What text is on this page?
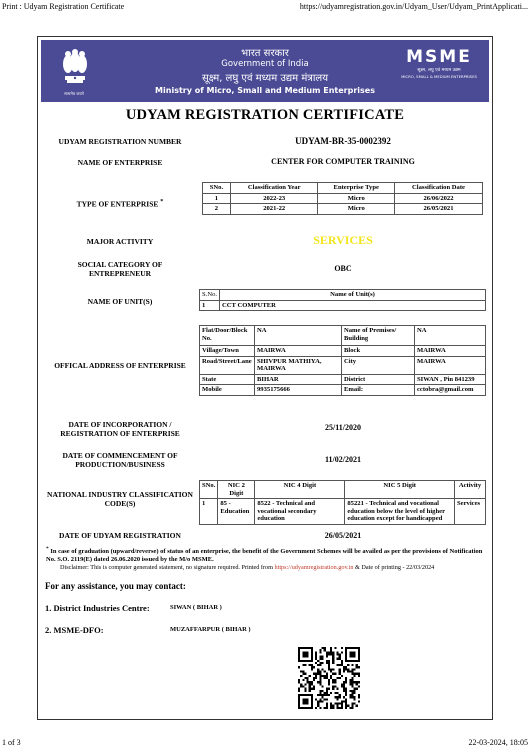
Print : Udyam Registration Certificate	https://udyamregistration.gov.in/Udyam_User/Udyam_PrintApplicati...
सत्यमेव जयते
भारत सरकार
Government of India
सूक्ष्म, लघु एवं मध्यम उद्यम मंत्रालय
Ministry of Micro, Small and Medium Enterprises
MSME
सूक्ष्म, लघु एवं मध्यम उद्यम
MICRO, SMALL & MEDIUM ENTERPRISES
UDYAM REGISTRATION CERTIFICATE
UDYAM REGISTRATION NUMBER	UDYAM-BR-35-0002392
NAME OF ENTERPRISE	CENTER FOR COMPUTER TRAINING
TYPE OF ENTERPRISE *
SNo.	Classification Year	Enterprise Type	Classification Date
1	2022-23	Micro	26/06/2022
2	2021-22	Micro	26/05/2021
MAJOR ACTIVITY	SERVICES
SOCIAL CATEGORY OF ENTREPRENEUR
OBC
NAME OF UNIT(S)
S.No.	Name of Unit(s)
1	CCT COMPUTER
OFFICAL ADDRESS OF ENTERPRISE
Flat/Door/Block No.	NA	Name of Premises/ Building	NA
Village/Town	MAIRWA	Block	MAIRWA
Road/Street/Lane	SHIVPUR MATHIYA, MAIRWA	City	MAIRWA
State	BIHAR	District	SIWAN , Pin 841239
Mobile	9935175666	Email:	cctobra@gmail.com
DATE OF INCORPORATION / REGISTRATION OF ENTERPRISE
25/11/2020
DATE OF COMMENCEMENT OF PRODUCTION/BUSINESS
11/02/2021
NATIONAL INDUSTRY CLASSIFICATION CODE(S)
SNo.	NIC 2 Digit	NIC 4 Digit	NIC 5 Digit	Activity
1	85 - Education	8522 - Technical and vocational secondary education	85221 - Technical and vocational education below the level of higher education except for handicapped	Services
DATE OF UDYAM REGISTRATION	26/05/2021
* In case of graduation (upward/reverse) of status of an enterprise, the benefit of the Government Schemes will be availed as per the provisions of Notification No. S.O. 2119(E) dated 26.06.2020 issued by the M/o MSME.
Disclaimer: This is computer generated statement, no signature required. Printed from https://udyamregistration.gov.in & Date of printing - 22/03/2024
For any assistance, you may contact:
1. District Industries Centre:	SIWAN ( BIHAR )
2. MSME-DFO:	MUZAFFARPUR ( BIHAR )
1 of 3	22-03-2024, 18:05
